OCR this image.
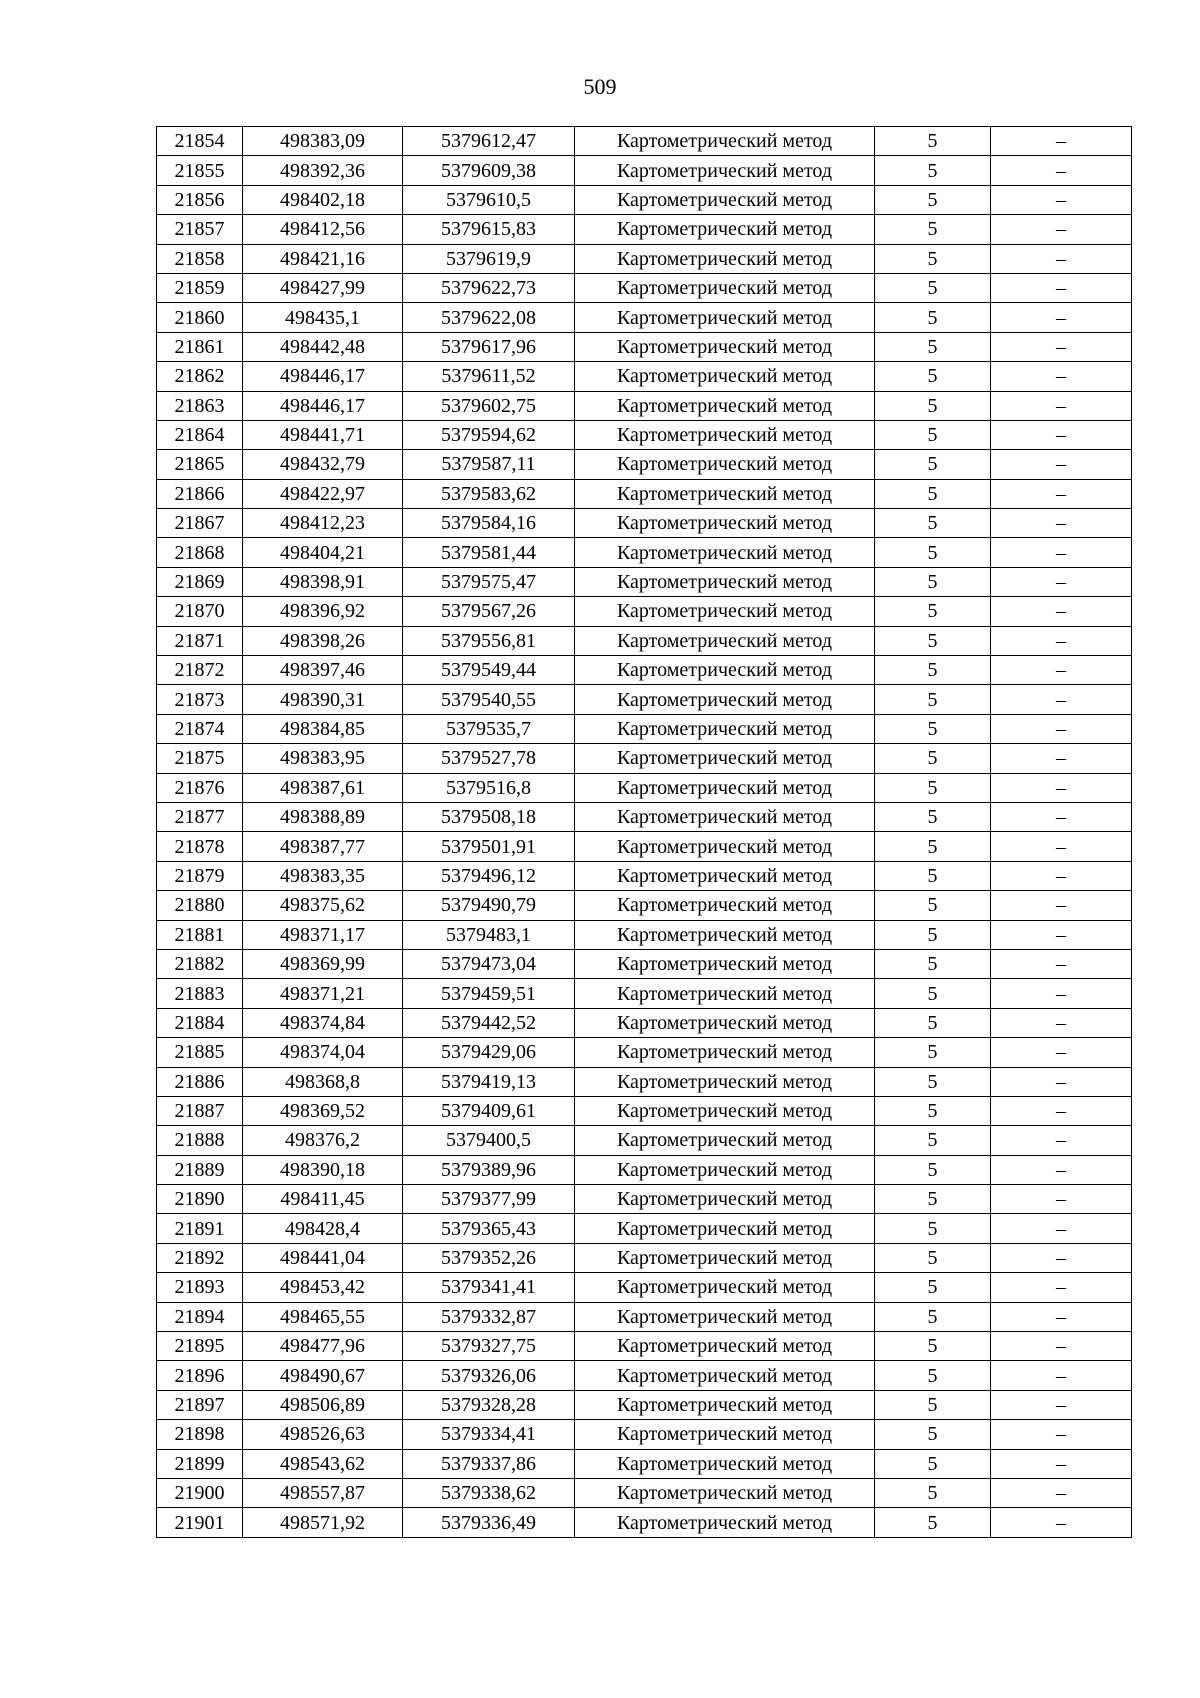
509
21854	498383,09	5379612,47	Картометрический метод	5	–
21855	498392,36	5379609,38	Картометрический метод	5	–
21856	498402,18	5379610,5	Картометрический метод	5	–
21857	498412,56	5379615,83	Картометрический метод	5	–
21858	498421,16	5379619,9	Картометрический метод	5	–
21859	498427,99	5379622,73	Картометрический метод	5	–
21860	498435,1	5379622,08	Картометрический метод	5	–
21861	498442,48	5379617,96	Картометрический метод	5	–
21862	498446,17	5379611,52	Картометрический метод	5	–
21863	498446,17	5379602,75	Картометрический метод	5	–
21864	498441,71	5379594,62	Картометрический метод	5	–
21865	498432,79	5379587,11	Картометрический метод	5	–
21866	498422,97	5379583,62	Картометрический метод	5	–
21867	498412,23	5379584,16	Картометрический метод	5	–
21868	498404,21	5379581,44	Картометрический метод	5	–
21869	498398,91	5379575,47	Картометрический метод	5	–
21870	498396,92	5379567,26	Картометрический метод	5	–
21871	498398,26	5379556,81	Картометрический метод	5	–
21872	498397,46	5379549,44	Картометрический метод	5	–
21873	498390,31	5379540,55	Картометрический метод	5	–
21874	498384,85	5379535,7	Картометрический метод	5	–
21875	498383,95	5379527,78	Картометрический метод	5	–
21876	498387,61	5379516,8	Картометрический метод	5	–
21877	498388,89	5379508,18	Картометрический метод	5	–
21878	498387,77	5379501,91	Картометрический метод	5	–
21879	498383,35	5379496,12	Картометрический метод	5	–
21880	498375,62	5379490,79	Картометрический метод	5	–
21881	498371,17	5379483,1	Картометрический метод	5	–
21882	498369,99	5379473,04	Картометрический метод	5	–
21883	498371,21	5379459,51	Картометрический метод	5	–
21884	498374,84	5379442,52	Картометрический метод	5	–
21885	498374,04	5379429,06	Картометрический метод	5	–
21886	498368,8	5379419,13	Картометрический метод	5	–
21887	498369,52	5379409,61	Картометрический метод	5	–
21888	498376,2	5379400,5	Картометрический метод	5	–
21889	498390,18	5379389,96	Картометрический метод	5	–
21890	498411,45	5379377,99	Картометрический метод	5	–
21891	498428,4	5379365,43	Картометрический метод	5	–
21892	498441,04	5379352,26	Картометрический метод	5	–
21893	498453,42	5379341,41	Картометрический метод	5	–
21894	498465,55	5379332,87	Картометрический метод	5	–
21895	498477,96	5379327,75	Картометрический метод	5	–
21896	498490,67	5379326,06	Картометрический метод	5	–
21897	498506,89	5379328,28	Картометрический метод	5	–
21898	498526,63	5379334,41	Картометрический метод	5	–
21899	498543,62	5379337,86	Картометрический метод	5	–
21900	498557,87	5379338,62	Картометрический метод	5	–
21901	498571,92	5379336,49	Картометрический метод	5	–
